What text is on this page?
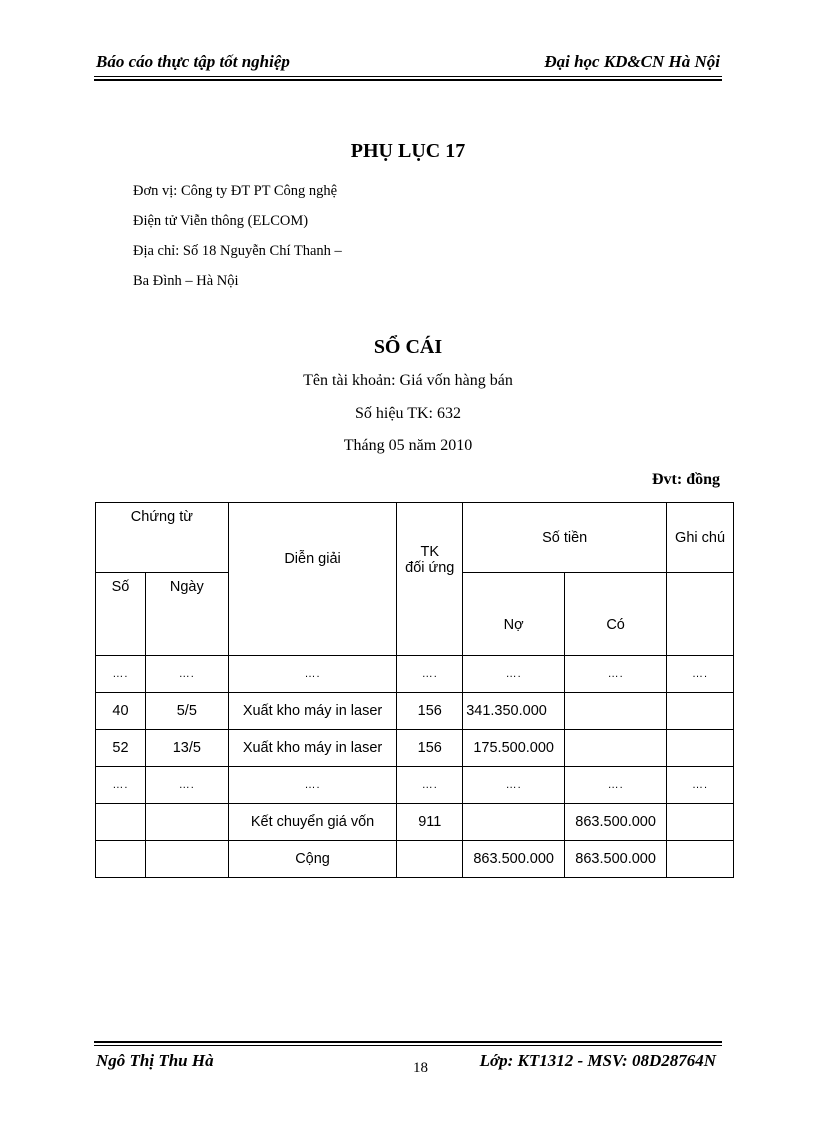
Báo cáo thực tập tốt nghiệp	Đại học KD&CN Hà Nội
PHỤ LỤC 17
Đơn vị: Công ty ĐT PT Công nghệ
Điện tử Viễn thông (ELCOM)
Địa chỉ: Số 18 Nguyễn Chí Thanh –
Ba Đình – Hà Nội
SỔ CÁI
Tên tài khoản: Giá vốn hàng bán
Số hiệu TK: 632
Tháng 05 năm 2010
Đvt: đồng
Chứng từ		Diễn giải	TK
đối ứng	Số tiền		Ghi chú
Số	Ngày			Nợ	Có	
….	….	….	….	….	….	….
40	5/5	Xuất kho máy in laser	156	341.350.000		
52	13/5	Xuất kho máy in laser	156	175.500.000		
….	….	….	….	….	….	….
		Kết chuyển giá vốn	911		863.500.000	
		Cộng		863.500.000	863.500.000	
Ngô Thị Thu Hà	18	Lớp: KT1312 - MSV: 08D28764N
